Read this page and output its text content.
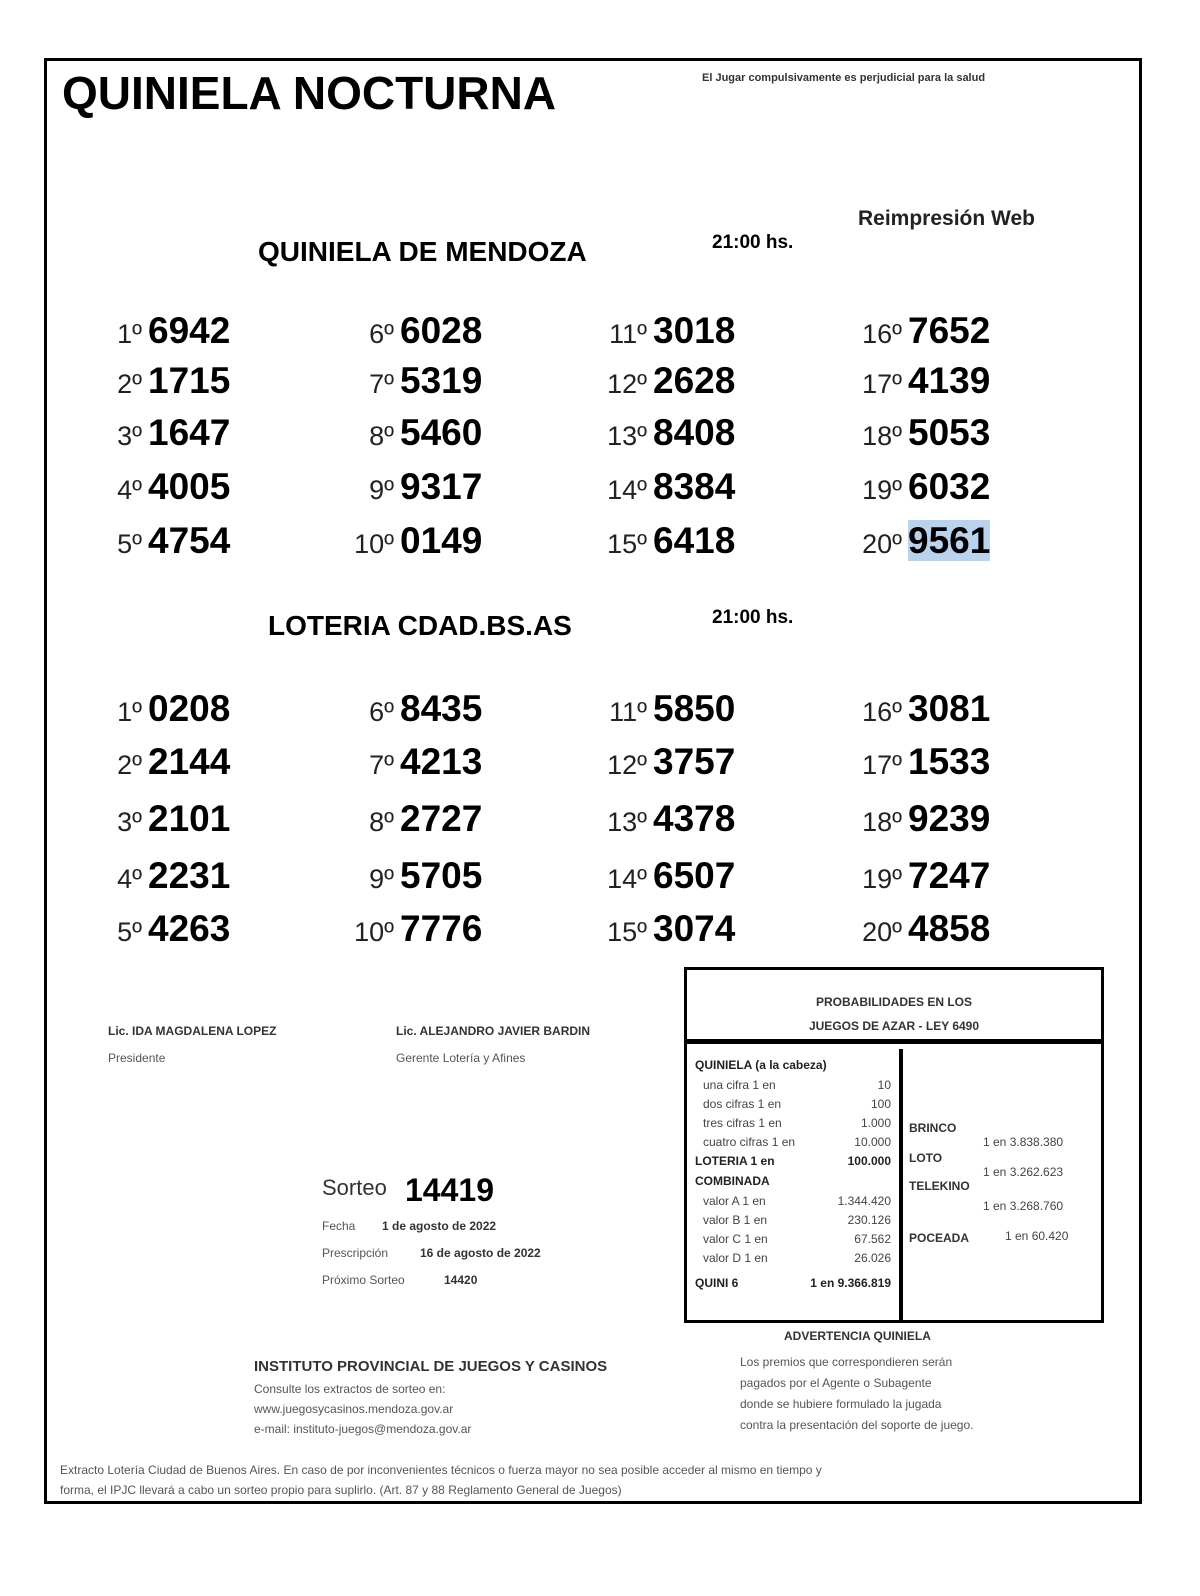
QUINIELA NOCTURNA	El Jugar compulsivamente es perjudicial para la salud
Reimpresión Web
QUINIELA DE MENDOZA	21:00 hs.
1º 6942
2º 1715
3º 1647
4º 4005
5º 4754
6º 6028
7º 5319
8º 5460
9º 9317
10º 0149
11º 3018
12º 2628
13º 8408
14º 8384
15º 6418
16º 7652
17º 4139
18º 5053
19º 6032
20º 9561
LOTERIA CDAD.BS.AS	21:00 hs.
1º 0208
2º 2144
3º 2101
4º 2231
5º 4263
6º 8435
7º 4213
8º 2727
9º 5705
10º 7776
11º 5850
12º 3757
13º 4378
14º 6507
15º 3074
16º 3081
17º 1533
18º 9239
19º 7247
20º 4858
Lic. IDA MAGDALENA LOPEZ
Presidente
Lic. ALEJANDRO JAVIER BARDIN
Gerente Lotería y Afines
Sorteo 14419
Fecha 1 de agosto de 2022
Prescripción	16 de agosto de 2022
Próximo Sorteo	14420
PROBABILIDADES EN LOS
JUEGOS DE AZAR - LEY 6490
QUINIELA (a la cabeza)
una cifra 1 en	10
dos cifras 1 en	100
tres cifras 1 en	1.000
cuatro cifras 1 en	10.000
LOTERIA 1 en	100.000
COMBINADA
valor A 1 en	1.344.420
valor B 1 en	230.126
valor C 1 en	67.562
valor D 1 en	26.026
QUINI 6	1 en 9.366.819
BRINCO
1 en 3.838.380
LOTO
1 en 3.262.623
TELEKINO
1 en 3.268.760
POCEADA	1 en 60.420
ADVERTENCIA QUINIELA
Los premios que correspondieren serán
pagados por el Agente o Subagente
donde se hubiere formulado la jugada
contra la presentación del soporte de juego.
INSTITUTO PROVINCIAL DE JUEGOS Y CASINOS
Consulte los extractos de sorteo en:
www.juegosycasinos.mendoza.gov.ar
e-mail: instituto-juegos@mendoza.gov.ar
Extracto Lotería Ciudad de Buenos Aires. En caso de por inconvenientes técnicos o fuerza mayor no sea posible acceder al mismo en tiempo y
forma, el IPJC llevará a cabo un sorteo propio para suplirlo. (Art. 87 y 88 Reglamento General de Juegos)
